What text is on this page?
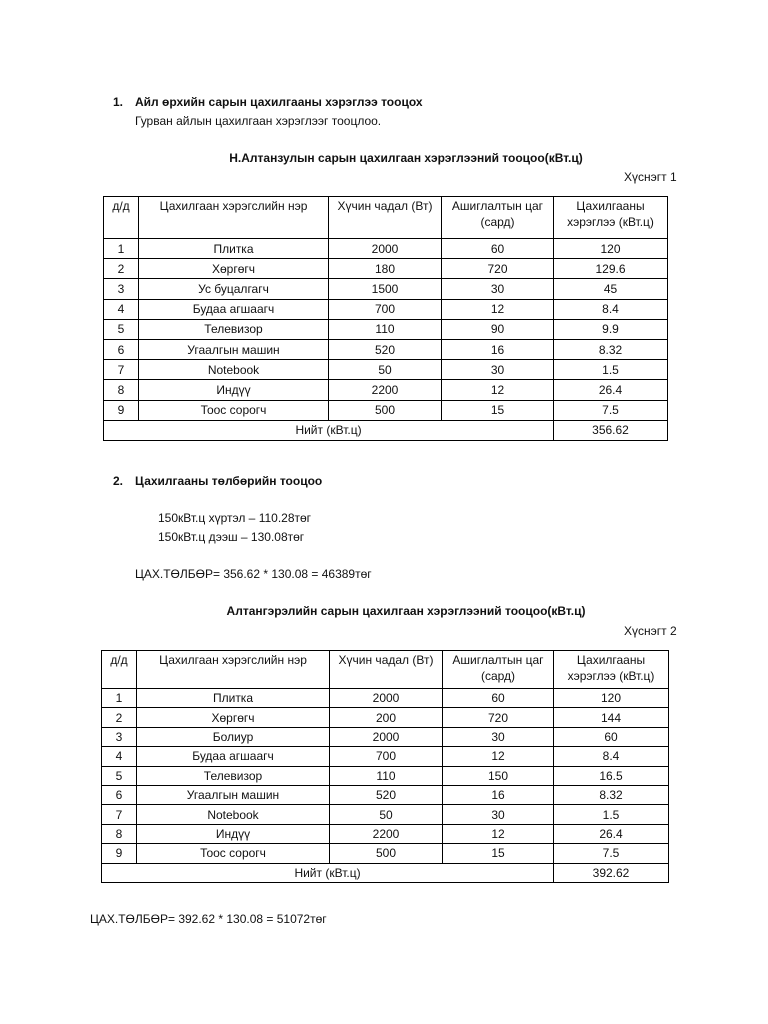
1. Айл өрхийн сарын цахилгааны хэрэглээ тооцох
Гурван айлын цахилгаан хэрэглээг тооцлоо.
Н.Алтанзулын сарын цахилгаан хэрэглээний тооцоо(кВт.ц)
Хүснэгт 1
д/д	Цахилгаан хэрэгслийн нэр	Хүчин чадал (Вт)	Ашиглалтын цаг (сард)	Цахилгааны хэрэглээ (кВт.ц)
1	Плитка	2000	60	120
2	Хөргөгч	180	720	129.6
3	Ус буцалгагч	1500	30	45
4	Будаа агшаагч	700	12	8.4
5	Телевизор	110	90	9.9
6	Угаалгын машин	520	16	8.32
7	Notebook	50	30	1.5
8	Индүү	2200	12	26.4
9	Тоос сорогч	500	15	7.5
Нийт (кВт.ц)				356.62
2. Цахилгааны төлбөрийн тооцоо
150кВт.ц хүртэл – 110.28төг
150кВт.ц дээш – 130.08төг
ЦАХ.ТӨЛБӨР= 356.62 * 130.08 = 46389төг
Алтангэрэлийн сарын цахилгаан хэрэглээний тооцоо(кВт.ц)
Хүснэгт 2
д/д	Цахилгаан хэрэгслийн нэр	Хүчин чадал (Вт)	Ашиглалтын цаг (сард)	Цахилгааны хэрэглээ (кВт.ц)
1	Плитка	2000	60	120
2	Хөргөгч	200	720	144
3	Болиур	2000	30	60
4	Будаа агшаагч	700	12	8.4
5	Телевизор	110	150	16.5
6	Угаалгын машин	520	16	8.32
7	Notebook	50	30	1.5
8	Индүү	2200	12	26.4
9	Тоос сорогч	500	15	7.5
Нийт (кВт.ц)				392.62
ЦАХ.ТӨЛБӨР= 392.62 * 130.08 = 51072төг
